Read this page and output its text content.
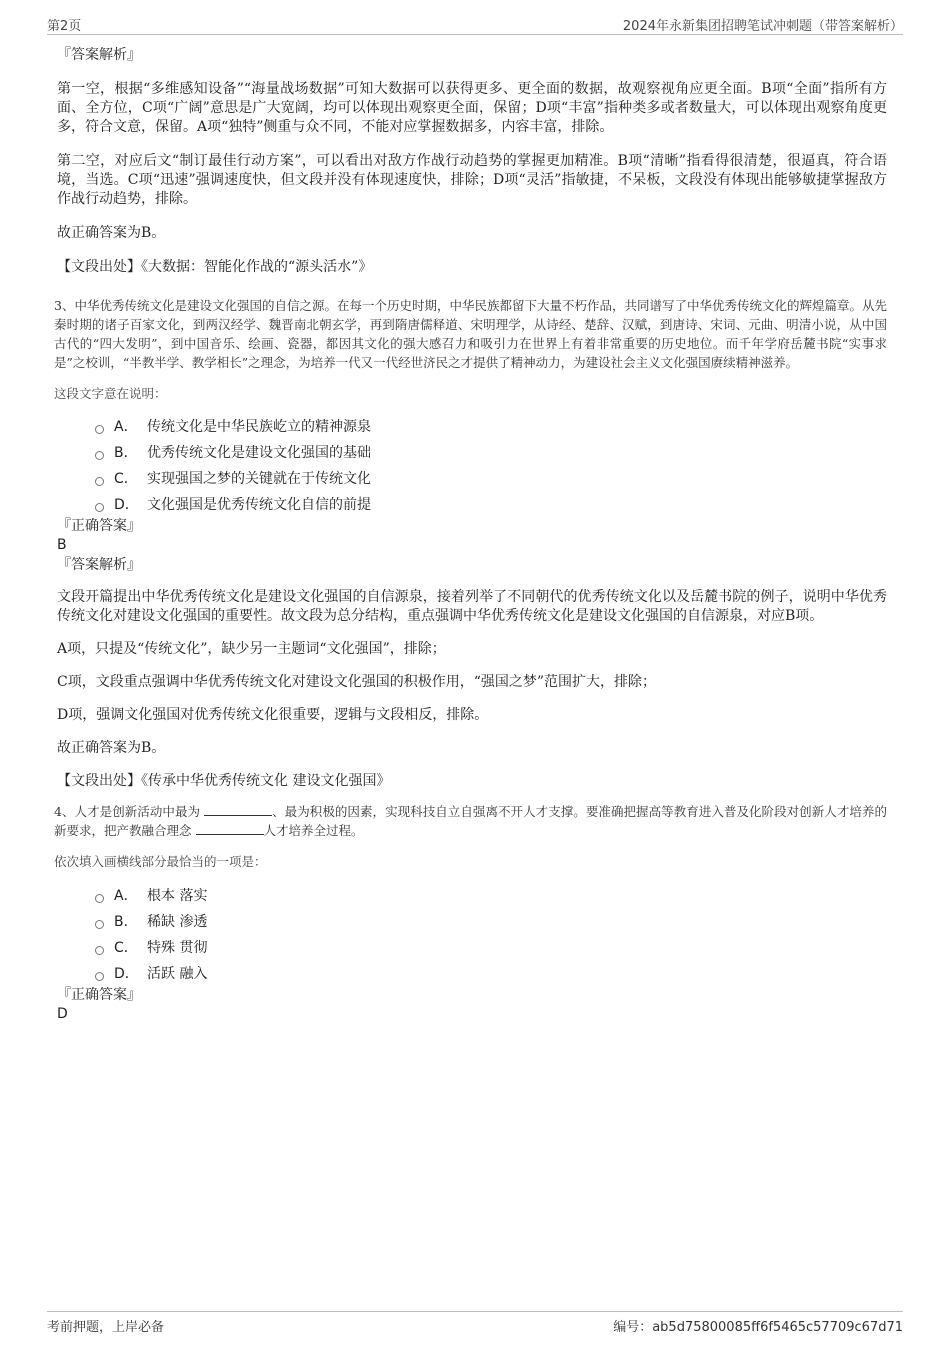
第2页	2024年永新集团招聘笔试冲刺题（带答案解析）
『答案解析』

第一空，根据“多维感知设备”“海量战场数据”可知大数据可以获得更多、更全面的数据，故观察视角应更全面。B项“全面”指所有方面、全方位，C项“广阔”意思是广大宽阔，均可以体现出观察更全面，保留；D项“丰富”指种类多或者数量大，可以体现出观察角度更多，符合文意，保留。A项“独特”侧重与众不同，不能对应掌握数据多，内容丰富，排除。

第二空，对应后文“制订最佳行动方案”，可以看出对敌方作战行动趋势的掌握更加精准。B项“清晰”指看得很清楚，很逼真，符合语境，当选。C项“迅速”强调速度快，但文段并没有体现速度快，排除；D项“灵活”指敏捷，不呆板，文段没有体现出能够敏捷掌握敌方作战行动趋势，排除。

故正确答案为B。

【文段出处】《大数据：智能化作战的“源头活水”》
3、中华优秀传统文化是建设文化强国的自信之源。在每一个历史时期，中华民族都留下大量不朽作品，共同谱写了中华优秀传统文化的辉煌篇章。从先秦时期的诸子百家文化，到两汉经学、魏晋南北朝玄学，再到隋唐儒释道、宋明理学，从诗经、楚辞、汉赋，到唐诗、宋词、元曲、明清小说，从中国古代的“四大发明”，到中国音乐、绘画、瓷器，都因其文化的强大感召力和吸引力在世界上有着非常重要的历史地位。而千年学府岳麓书院“实事求是”之校训，“半教半学、教学相长”之理念，为培养一代又一代经世济民之才提供了精神动力，为建设社会主义文化强国赓续精神滋养。
这段文字意在说明：
A． 传统文化是中华民族屹立的精神源泉
B． 优秀传统文化是建设文化强国的基础
C． 实现强国之梦的关键就在于传统文化
D． 文化强国是优秀传统文化自信的前提
『正确答案』
B
『答案解析』

文段开篇提出中华优秀传统文化是建设文化强国的自信源泉，接着列举了不同朝代的优秀传统文化以及岳麓书院的例子，说明中华优秀传统文化对建设文化强国的重要性。故文段为总分结构，重点强调中华优秀传统文化是建设文化强国的自信源泉，对应B项。

A项，只提及“传统文化”，缺少另一主题词“文化强国”，排除；

C项，文段重点强调中华优秀传统文化对建设文化强国的积极作用，“强国之梦”范围扩大，排除；

D项，强调文化强国对优秀传统文化很重要，逻辑与文段相反，排除。

故正确答案为B。

【文段出处】《传承中华优秀传统文化 建设文化强国》
4、人才是创新活动中最为	、最为积极的因素，实现科技自立自强离不开人才支撑。要准确把握高等教育进入普及化阶段对创新人才培养的新要求，把产教融合理念	人才培养全过程。
依次填入画横线部分最恰当的一项是：
A． 根本 落实
B． 稀缺 渗透
C． 特殊 贯彻
D． 活跃 融入
『正确答案』
D
考前押题，上岸必备	编号：ab5d75800085ff6f5465c57709c67d71
